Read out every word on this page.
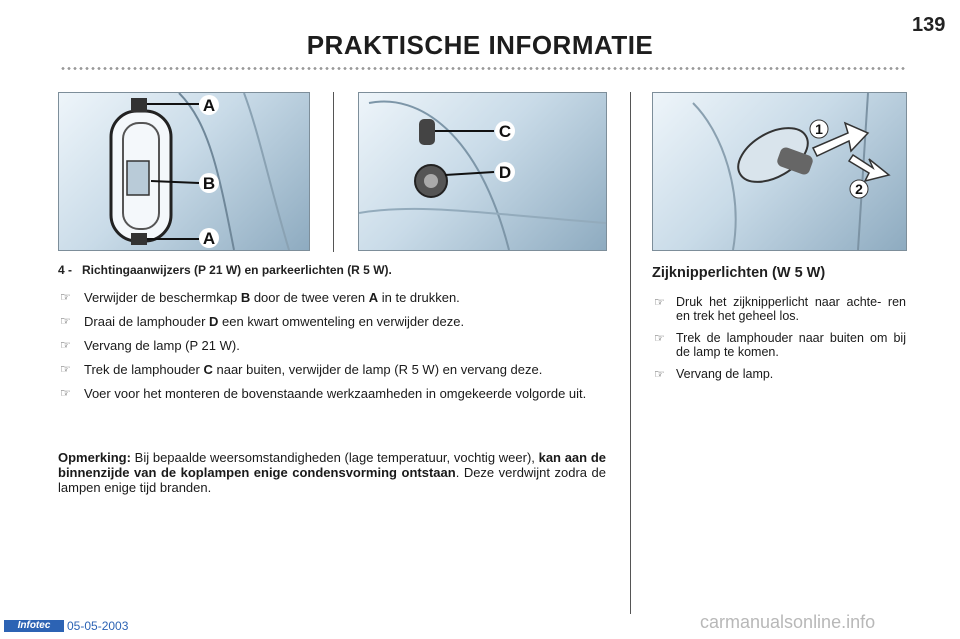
139
PRAKTISCHE INFORMATIE
A
B
A
C
D
1
2
4 - Richtingaanwijzers (P 21 W) en parkeerlichten (R 5 W).
☞ Verwijder de beschermkap B door de twee veren A in te drukken.
☞ Draai de lamphouder D een kwart omwenteling en verwijder deze.
☞ Vervang de lamp (P 21 W).
☞ Trek de lamphouder C naar buiten, verwijder de lamp (R 5 W) en vervang deze.
☞ Voer voor het monteren de bovenstaande werkzaamheden in omgekeerde volgorde uit.
Opmerking: Bij bepaalde weersomstandigheden (lage temperatuur, vochtig weer), kan aan de binnenzijde van de koplampen enige condensvorming ontstaan. Deze verdwijnt zodra de lampen enige tijd branden.
Zijknipperlichten (W 5 W)
☞ Druk het zijknipperlicht naar achte- ren en trek het geheel los.
☞ Trek de lamphouder naar buiten om bij de lamp te komen.
☞ Vervang de lamp.
Infotec	05-05-2003	carmanualsonline.info
